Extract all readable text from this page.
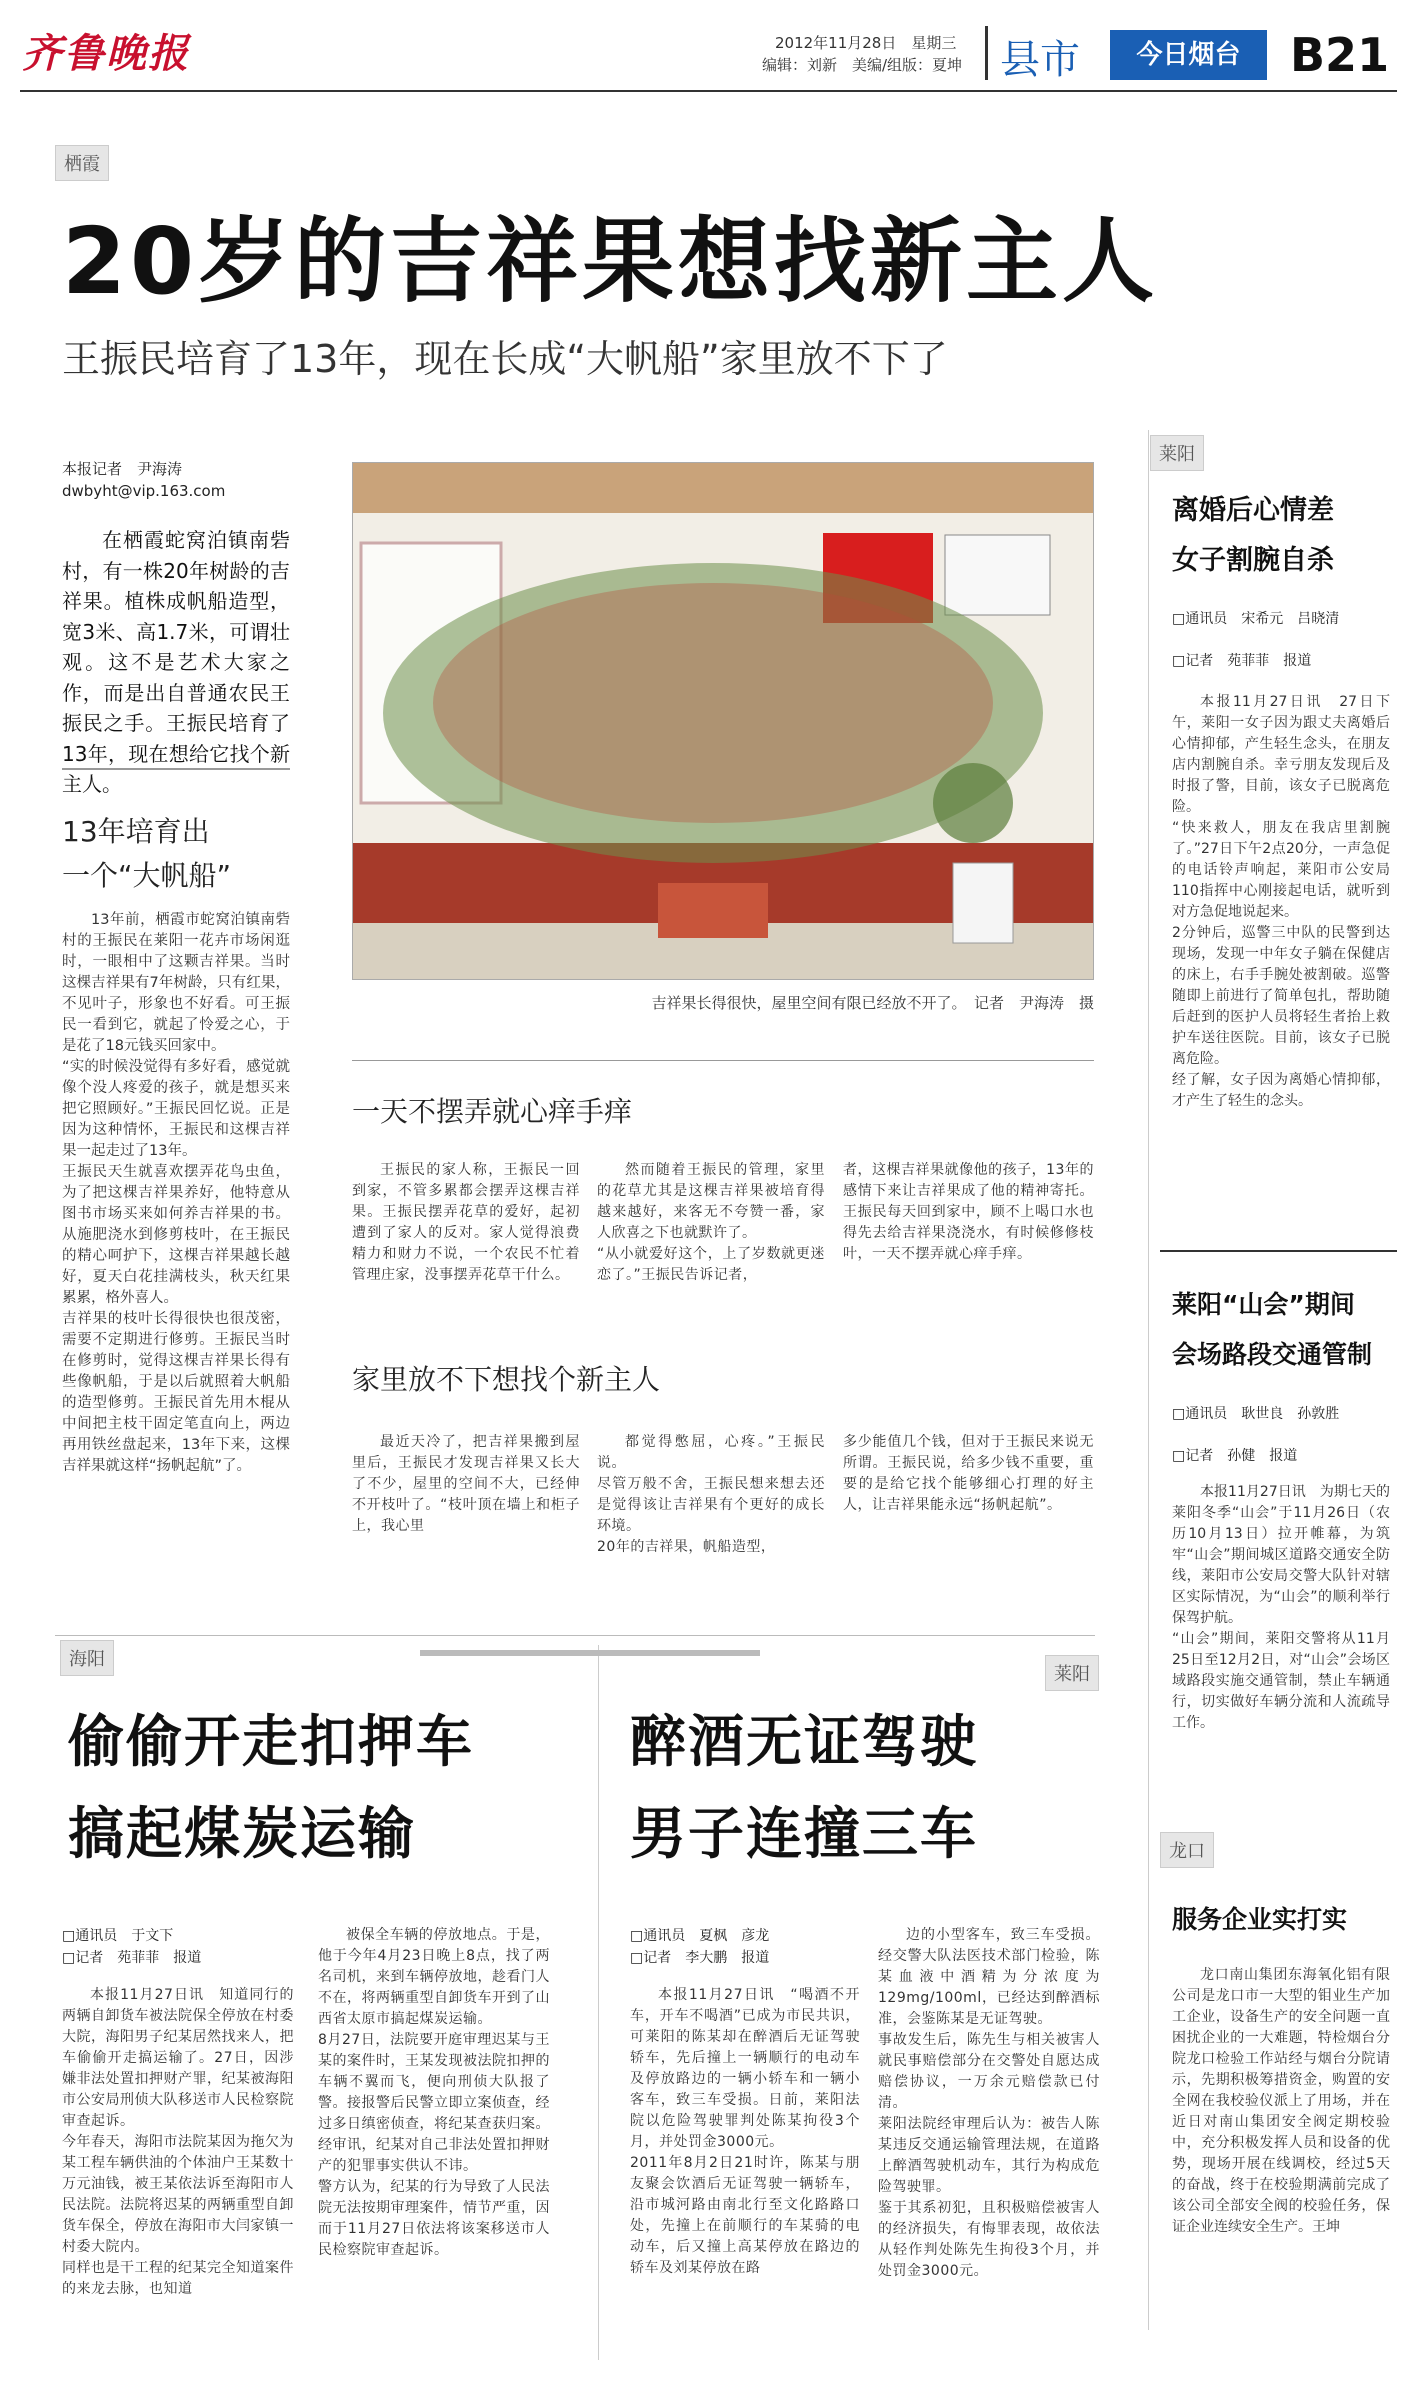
齐鲁晚报	2012年11月28日　星期三
编辑：刘新　美编/组版：夏坤 县市	今日烟台	B21
栖霞
20岁的吉祥果想找新主人
王振民培育了13年，现在长成“大帆船”家里放不下了
本报记者　尹海涛
dwbyht@vip.163.com
在栖霞蛇窝泊镇南砦村，有一株20年树龄的吉祥果。植株成帆船造型，宽3米、高1.7米，可谓壮观。这不是艺术大家之作，而是出自普通农民王振民之手。王振民培育了13年，现在想给它找个新主人。
13年培育出
一个“大帆船”
13年前，栖霞市蛇窝泊镇南砦村的王振民在莱阳一花卉市场闲逛时，一眼相中了这颗吉祥果。当时这棵吉祥果有7年树龄，只有红果，不见叶子，形象也不好看。可王振民一看到它，就起了怜爱之心，于是花了18元钱买回家中。
“实的时候没觉得有多好看，感觉就像个没人疼爱的孩子，就是想买来把它照顾好。”王振民回忆说。正是因为这种情怀，王振民和这棵吉祥果一起走过了13年。
王振民天生就喜欢摆弄花鸟虫鱼，为了把这棵吉祥果养好，他特意从图书市场买来如何养吉祥果的书。从施肥浇水到修剪枝叶，在王振民的精心呵护下，这棵吉祥果越长越好，夏天白花挂满枝头，秋天红果累累，格外喜人。
吉祥果的枝叶长得很快也很茂密，需要不定期进行修剪。王振民当时在修剪时，觉得这棵吉祥果长得有些像帆船，于是以后就照着大帆船的造型修剪。王振民首先用木棍从中间把主枝干固定笔直向上，两边再用铁丝盘起来，13年下来，这棵吉祥果就这样“扬帆起航”了。
吉祥果长得很快，屋里空间有限已经放不开了。　记者　尹海涛　摄
一天不摆弄就心痒手痒
王振民的家人称，王振民一回到家，不管多累都会摆弄这棵吉祥果。王振民摆弄花草的爱好，起初遭到了家人的反对。家人觉得浪费精力和财力不说，一个农民不忙着管理庄家，没事摆弄花草干什么。
然而随着王振民的管理，家里的花草尤其是这棵吉祥果被培育得越来越好，来客无不夸赞一番，家人欣喜之下也就默许了。
“从小就爱好这个，上了岁数就更迷恋了。”王振民告诉记者，
者，这棵吉祥果就像他的孩子，13年的感情下来让吉祥果成了他的精神寄托。王振民每天回到家中，顾不上喝口水也得先去给吉祥果浇浇水，有时候修修枝叶，一天不摆弄就心痒手痒。
家里放不下想找个新主人
最近天冷了，把吉祥果搬到屋里后，王振民才发现吉祥果又长大了不少，屋里的空间不大，已经伸不开枝叶了。“枝叶顶在墙上和柜子上，我心里
都觉得憋屈，心疼。”王振民说。
尽管万般不舍，王振民想来想去还是觉得该让吉祥果有个更好的成长环境。
20年的吉祥果，帆船造型，
多少能值几个钱，但对于王振民来说无所谓。王振民说，给多少钱不重要，重要的是给它找个能够细心打理的好主人，让吉祥果能永远“扬帆起航”。
莱阳
离婚后心情差
女子割腕自杀
□通讯员　宋希元　吕晓清
□记者　苑菲菲　报道
本报11月27日讯　27日下午，莱阳一女子因为跟丈夫离婚后心情抑郁，产生轻生念头，在朋友店内割腕自杀。幸亏朋友发现后及时报了警，目前，该女子已脱离危险。
“快来救人，朋友在我店里割腕了。”27日下午2点20分，一声急促的电话铃声响起，莱阳市公安局110指挥中心刚接起电话，就听到对方急促地说起来。
2分钟后，巡警三中队的民警到达现场，发现一中年女子躺在保健店的床上，右手手腕处被割破。巡警随即上前进行了简单包扎，帮助随后赶到的医护人员将轻生者抬上救护车送往医院。目前，该女子已脱离危险。
经了解，女子因为离婚心情抑郁，才产生了轻生的念头。
莱阳“山会”期间
会场路段交通管制
□通讯员　耿世良　孙敦胜
□记者　孙健　报道
本报11月27日讯　为期七天的莱阳冬季“山会”于11月26日（农历10月13日）拉开帷幕，为筑牢“山会”期间城区道路交通安全防线，莱阳市公安局交警大队针对辖区实际情况，为“山会”的顺利举行保驾护航。
“山会”期间，莱阳交警将从11月25日至12月2日，对“山会”会场区域路段实施交通管制，禁止车辆通行，切实做好车辆分流和人流疏导工作。
龙口
服务企业实打实
龙口南山集团东海氧化铝有限公司是龙口市一大型的钼业生产加工企业，设备生产的安全问题一直困扰企业的一大难题，特检烟台分院龙口检验工作站经与烟台分院请示，先期积极筹措资金，购置的安全网在我校验仪派上了用场，并在近日对南山集团安全阀定期校验中，充分积极发挥人员和设备的优势，现场开展在线调校，经过5天的奋战，终于在校验期满前完成了该公司全部安全阀的校验任务，保证企业连续安全生产。王坤
海阳
偷偷开走扣押车
搞起煤炭运输
□通讯员　于文下
□记者　苑菲菲　报道
本报11月27日讯　知道同行的两辆自卸货车被法院保全停放在村委大院，海阳男子纪某居然找来人，把车偷偷开走搞运输了。27日，因涉嫌非法处置扣押财产罪，纪某被海阳市公安局刑侦大队移送市人民检察院审查起诉。
今年春天，海阳市法院某因为拖欠为某工程车辆供油的个体油户王某数十万元油钱，被王某依法诉至海阳市人民法院。法院将迟某的两辆重型自卸货车保全，停放在海阳市大闫家镇一村委大院内。
同样也是干工程的纪某完全知道案件的来龙去脉，也知道
被保全车辆的停放地点。于是，他于今年4月23日晚上8点，找了两名司机，来到车辆停放地，趁看门人不在，将两辆重型自卸货车开到了山西省太原市搞起煤炭运输。
8月27日，法院要开庭审理迟某与王某的案件时，王某发现被法院扣押的车辆不翼而飞，便向刑侦大队报了警。接报警后民警立即立案侦查，经过多日缜密侦查，将纪某查获归案。经审讯，纪某对自己非法处置扣押财产的犯罪事实供认不讳。
警方认为，纪某的行为导致了人民法院无法按期审理案件，情节严重，因而于11月27日依法将该案移送市人民检察院审查起诉。
莱阳
醉酒无证驾驶
男子连撞三车
□通讯员　夏枫　彦龙
□记者　李大鹏　报道
本报11月27日讯　“喝酒不开车，开车不喝酒”已成为市民共识，可莱阳的陈某却在醉酒后无证驾驶轿车，先后撞上一辆顺行的电动车及停放路边的一辆小轿车和一辆小客车，致三车受损。日前，莱阳法院以危险驾驶罪判处陈某拘役3个月，并处罚金3000元。
2011年8月2日21时许，陈某与朋友聚会饮酒后无证驾驶一辆轿车，沿市城河路由南北行至文化路路口处，先撞上在前顺行的车某骑的电动车，后又撞上高某停放在路边的轿车及刘某停放在路
边的小型客车，致三车受损。经交警大队法医技术部门检验，陈某血液中酒精为分浓度为129mg/100ml，已经达到醉酒标准，会鉴陈某是无证驾驶。
事故发生后，陈先生与相关被害人就民事赔偿部分在交警处自愿达成赔偿协议，一万余元赔偿款已付清。
莱阳法院经审理后认为：被告人陈某违反交通运输管理法规，在道路上醉酒驾驶机动车，其行为构成危险驾驶罪。
鉴于其系初犯，且积极赔偿被害人的经济损失，有悔罪表现，故依法从轻作判处陈先生拘役3个月，并处罚金3000元。
